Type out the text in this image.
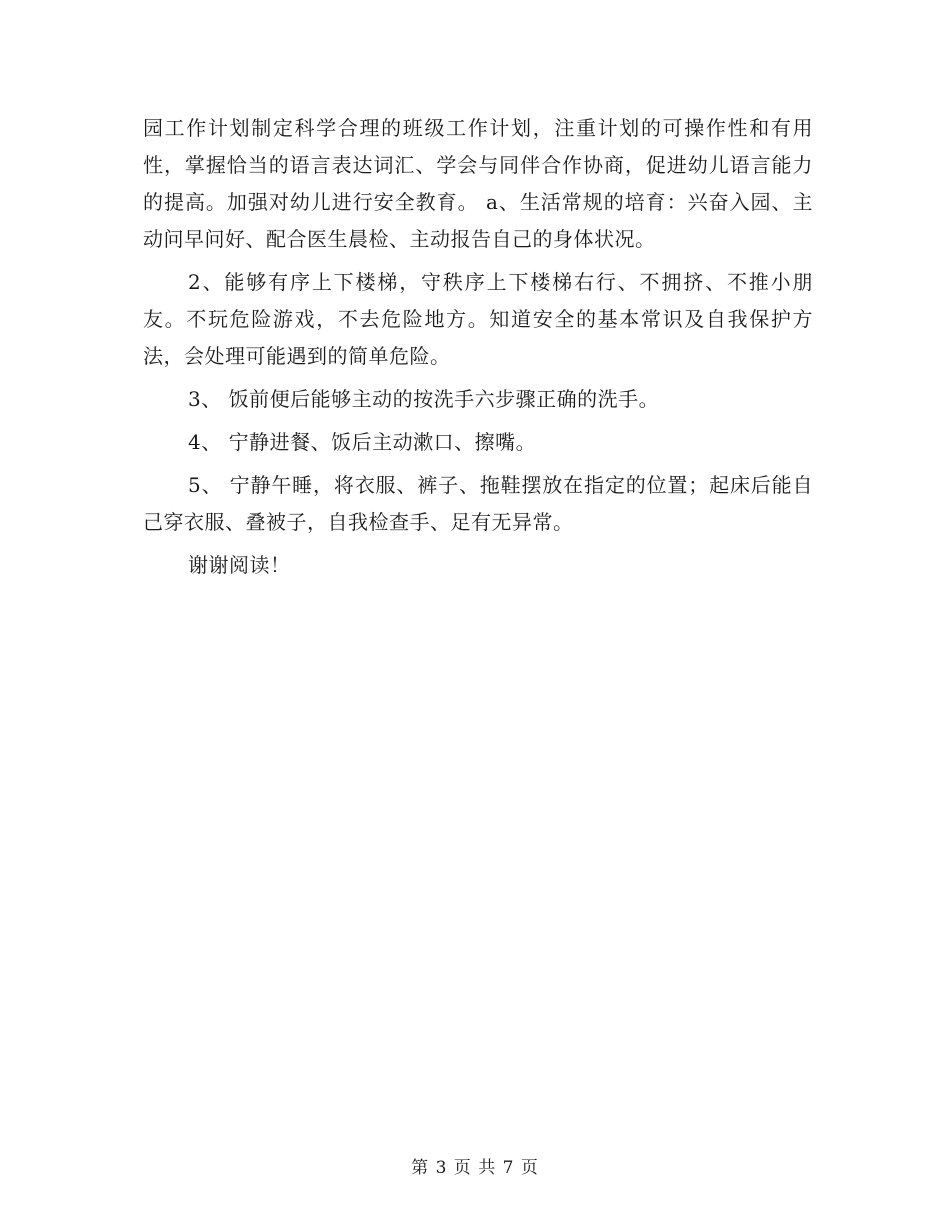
园工作计划制定科学合理的班级工作计划，注重计划的可操作性和有用性，掌握恰当的语言表达词汇、学会与同伴合作协商，促进幼儿语言能力的提高。加强对幼儿进行安全教育。 a、生活常规的培育：兴奋入园、主动问早问好、配合医生晨检、主动报告自己的身体状况。

2、能够有序上下楼梯，守秩序上下楼梯右行、不拥挤、不推小朋友。不玩危险游戏，不去危险地方。知道安全的基本常识及自我保护方法，会处理可能遇到的简单危险。

3、 饭前便后能够主动的按洗手六步骤正确的洗手。

4、 宁静进餐、饭后主动漱口、擦嘴。

5、 宁静午睡，将衣服、裤子、拖鞋摆放在指定的位置；起床后能自己穿衣服、叠被子，自我检查手、足有无异常。

谢谢阅读！

第 3 页 共 7 页
